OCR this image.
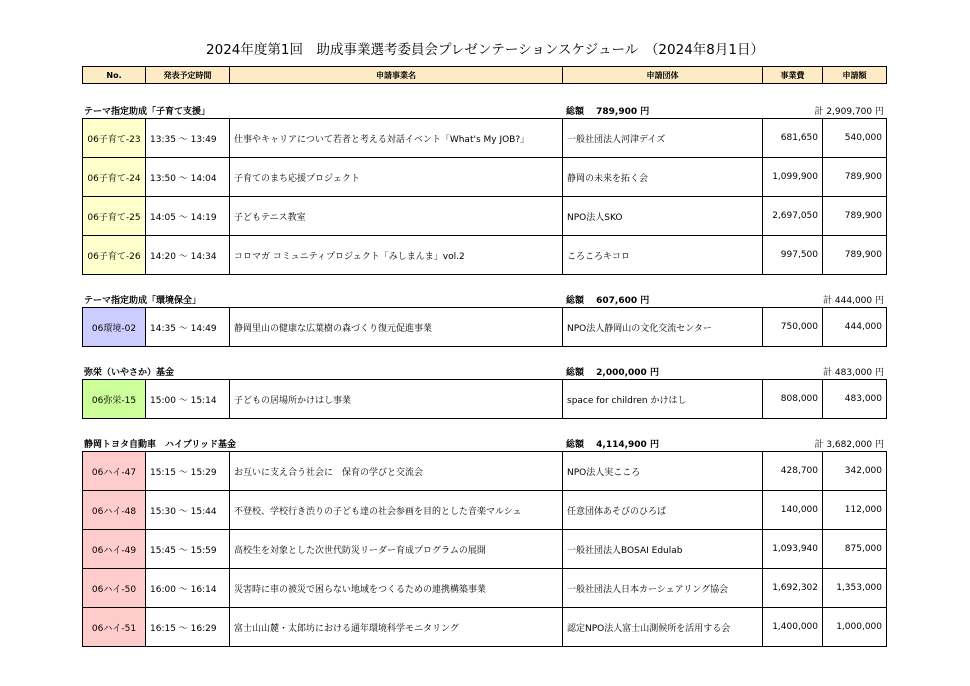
2024年度第1回　助成事業選考委員会プレゼンテーションスケジュール　（2024年8月1日）
No.	発表予定時間	申請事業名	申請団体	事業費	申請額
テーマ指定助成「子育て支援」	総額　 789,900 円	計 2,909,700 円
06子育て-23	13:35 ～ 13:49	仕事やキャリアについて若者と考える対話イベント「What's My JOB?」	一般社団法人河津デイズ	681,650	540,000
06子育て-24	13:50 ～ 14:04	子育てのまち応援プロジェクト	静岡の未来を拓く会	1,099,900	789,900
06子育て-25	14:05 ～ 14:19	子どもテニス教室	NPO法人SKO	2,697,050	789,900
06子育て-26	14:20 ～ 14:34	コロマガ コミュニティプロジェクト「みしまんま」vol.2	ころころキコロ	997,500	789,900
テーマ指定助成「環境保全」	総額　 607,600 円	計 444,000 円
06環境-02	14:35 ～ 14:49	静岡里山の健康な広葉樹の森づくり復元促進事業	NPO法人静岡山の文化交流センター	750,000	444,000
弥栄（いやさか）基金	総額　 2,000,000 円	計 483,000 円
06弥栄-15	15:00 ～ 15:14	子どもの居場所かけはし事業	space for children かけはし	808,000	483,000
静岡トヨタ自動車　ハイブリッド基金	総額　 4,114,900 円	計 3,682,000 円
06ハイ-47	15:15 ～ 15:29	お互いに支え合う社会に　保育の学びと交流会	NPO法人実こころ	428,700	342,000
06ハイ-48	15:30 ～ 15:44	不登校、学校行き渋りの子ども達の社会参画を目的とした音楽マルシェ	任意団体あそびのひろば	140,000	112,000
06ハイ-49	15:45 ～ 15:59	高校生を対象とした次世代防災リーダー育成プログラムの展開	一般社団法人BOSAI Edulab	1,093,940	875,000
06ハイ-50	16:00 ～ 16:14	災害時に車の被災で困らない地域をつくるための連携構築事業	一般社団法人日本カーシェアリング協会	1,692,302	1,353,000
06ハイ-51	16:15 ～ 16:29	富士山山麓・太郎坊における通年環境科学モニタリング	認定NPO法人富士山測候所を活用する会	1,400,000	1,000,000
